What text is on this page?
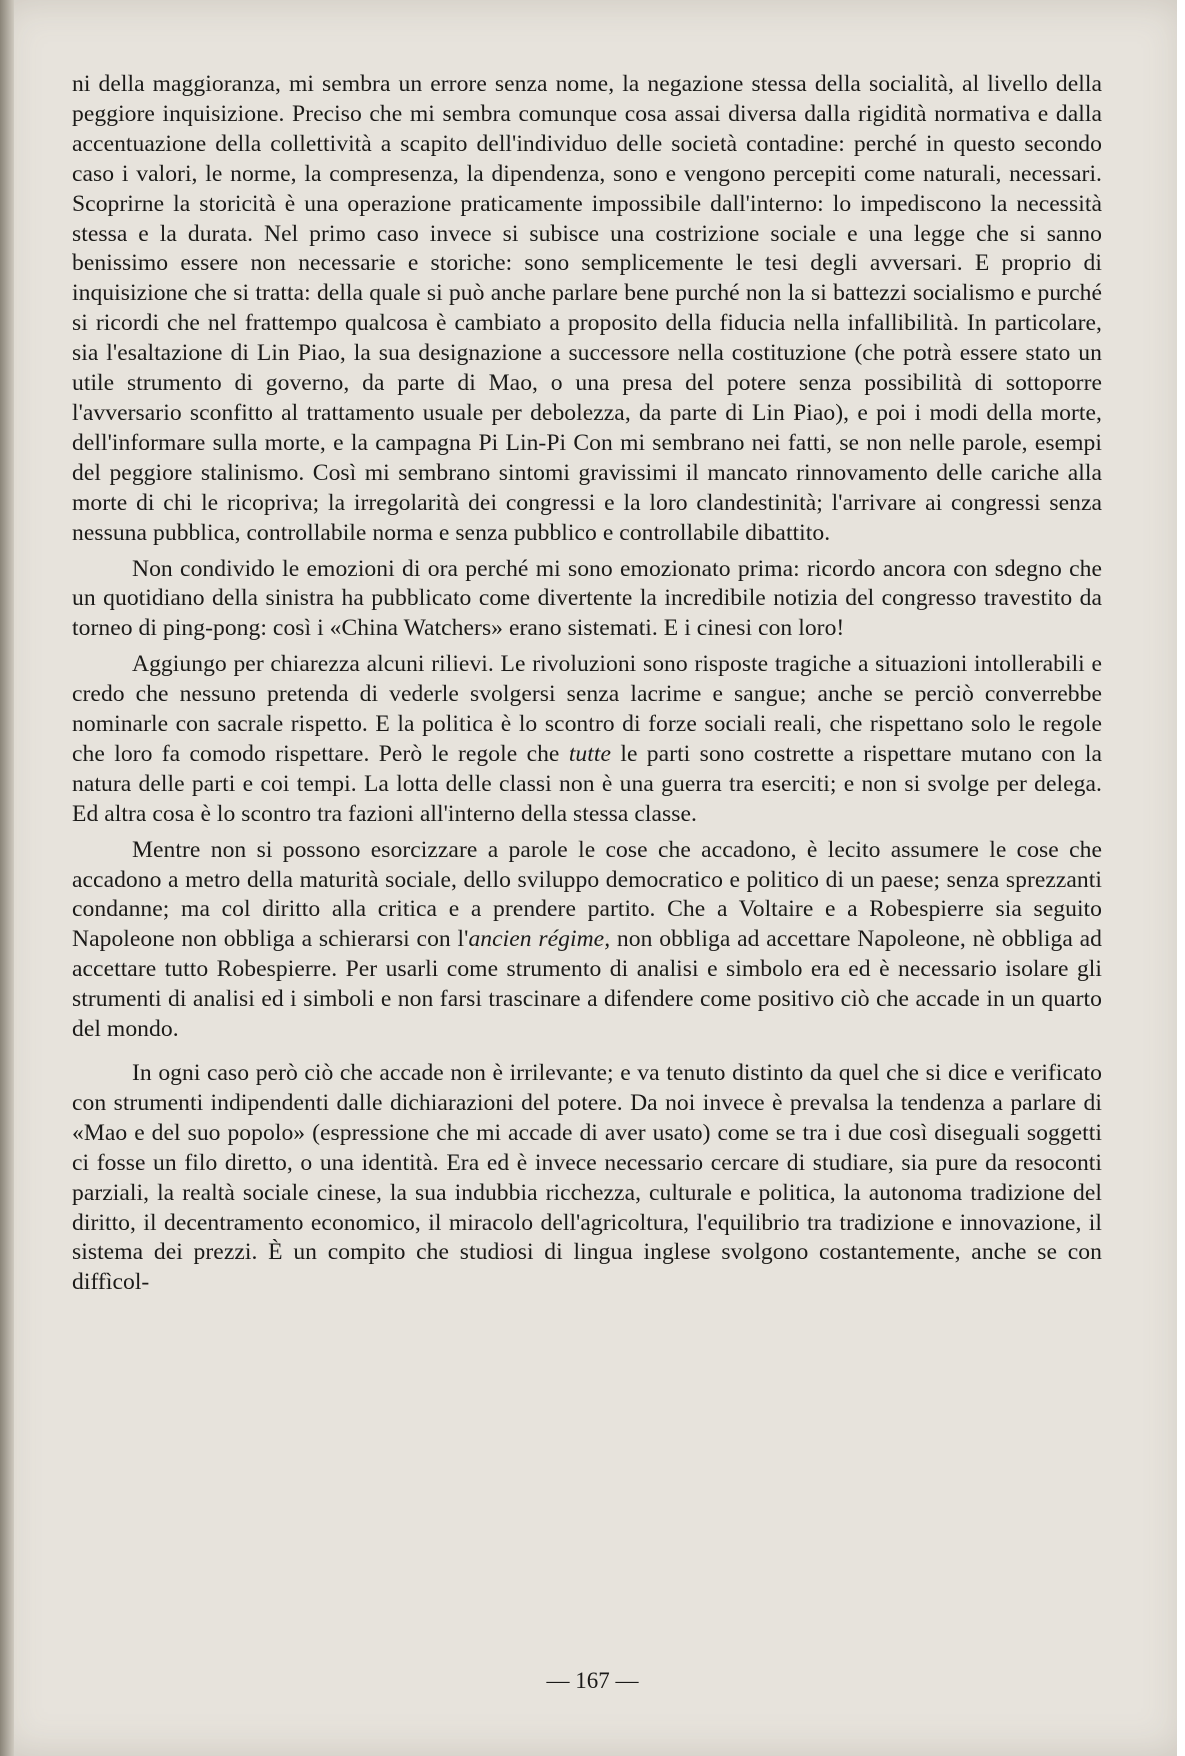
ni della maggioranza, mi sembra un errore senza nome, la negazione stessa della socialità, al livello della peggiore inquisizione. Preciso che mi sembra comunque cosa assai diversa dalla rigidità normativa e dalla accentuazione della collettività a scapito dell'individuo delle società contadine: perché in questo secondo caso i valori, le norme, la compresenza, la dipendenza, sono e vengono percepiti come naturali, necessari. Scoprirne la storicità è una operazione praticamente impossibile dall'interno: lo impediscono la necessità stessa e la durata. Nel primo caso invece si subisce una costrizione sociale e una legge che si sanno benissimo essere non necessarie e storiche: sono semplicemente le tesi degli avversari. E proprio di inquisizione che si tratta: della quale si può anche parlare bene purché non la si battezzi socialismo e purché si ricordi che nel frattempo qualcosa è cambiato a proposito della fiducia nella infallibilità. In particolare, sia l'esaltazione di Lin Piao, la sua designazione a successore nella costituzione (che potrà essere stato un utile strumento di governo, da parte di Mao, o una presa del potere senza possibilità di sottoporre l'avversario sconfitto al trattamento usuale per debolezza, da parte di Lin Piao), e poi i modi della morte, dell'informare sulla morte, e la campagna Pi Lin-Pi Con mi sembrano nei fatti, se non nelle parole, esempi del peggiore stalinismo. Così mi sembrano sintomi gravissimi il mancato rinnovamento delle cariche alla morte di chi le ricopriva; la irregolarità dei congressi e la loro clandestinità; l'arrivare ai congressi senza nessuna pubblica, controllabile norma e senza pubblico e controllabile dibattito.

Non condivido le emozioni di ora perché mi sono emozionato prima: ricordo ancora con sdegno che un quotidiano della sinistra ha pubblicato come divertente la incredibile notizia del congresso travestito da torneo di ping-pong: così i «China Watchers» erano sistemati. E i cinesi con loro!

Aggiungo per chiarezza alcuni rilievi. Le rivoluzioni sono risposte tragiche a situazioni intollerabili e credo che nessuno pretenda di vederle svolgersi senza lacrime e sangue; anche se perciò converrebbe nominarle con sacrale rispetto. E la politica è lo scontro di forze sociali reali, che rispettano solo le regole che loro fa comodo rispettare. Però le regole che tutte le parti sono costrette a rispettare mutano con la natura delle parti e coi tempi. La lotta delle classi non è una guerra tra eserciti; e non si svolge per delega. Ed altra cosa è lo scontro tra fazioni all'interno della stessa classe.

Mentre non si possono esorcizzare a parole le cose che accadono, è lecito assumere le cose che accadono a metro della maturità sociale, dello sviluppo democratico e politico di un paese; senza sprezzanti condanne; ma col diritto alla critica e a prendere partito. Che a Voltaire e a Robespierre sia seguito Napoleone non obbliga a schierarsi con l'ancien régime, non obbliga ad accettare Napoleone, nè obbliga ad accettare tutto Robespierre. Per usarli come strumento di analisi e simbolo era ed è necessario isolare gli strumenti di analisi ed i simboli e non farsi trascinare a difendere come positivo ciò che accade in un quarto del mondo.

In ogni caso però ciò che accade non è irrilevante; e va tenuto distinto da quel che si dice e verificato con strumenti indipendenti dalle dichiarazioni del potere. Da noi invece è prevalsa la tendenza a parlare di «Mao e del suo popolo» (espressione che mi accade di aver usato) come se tra i due così diseguali soggetti ci fosse un filo diretto, o una identità. Era ed è invece necessario cercare di studiare, sia pure da resoconti parziali, la realtà sociale cinese, la sua indubbia ricchezza, culturale e politica, la autonoma tradizione del diritto, il decentramento economico, il miracolo dell'agricoltura, l'equilibrio tra tradizione e innovazione, il sistema dei prezzi. È un compito che studiosi di lingua inglese svolgono costantemente, anche se con diffìcol-

— 167 —
